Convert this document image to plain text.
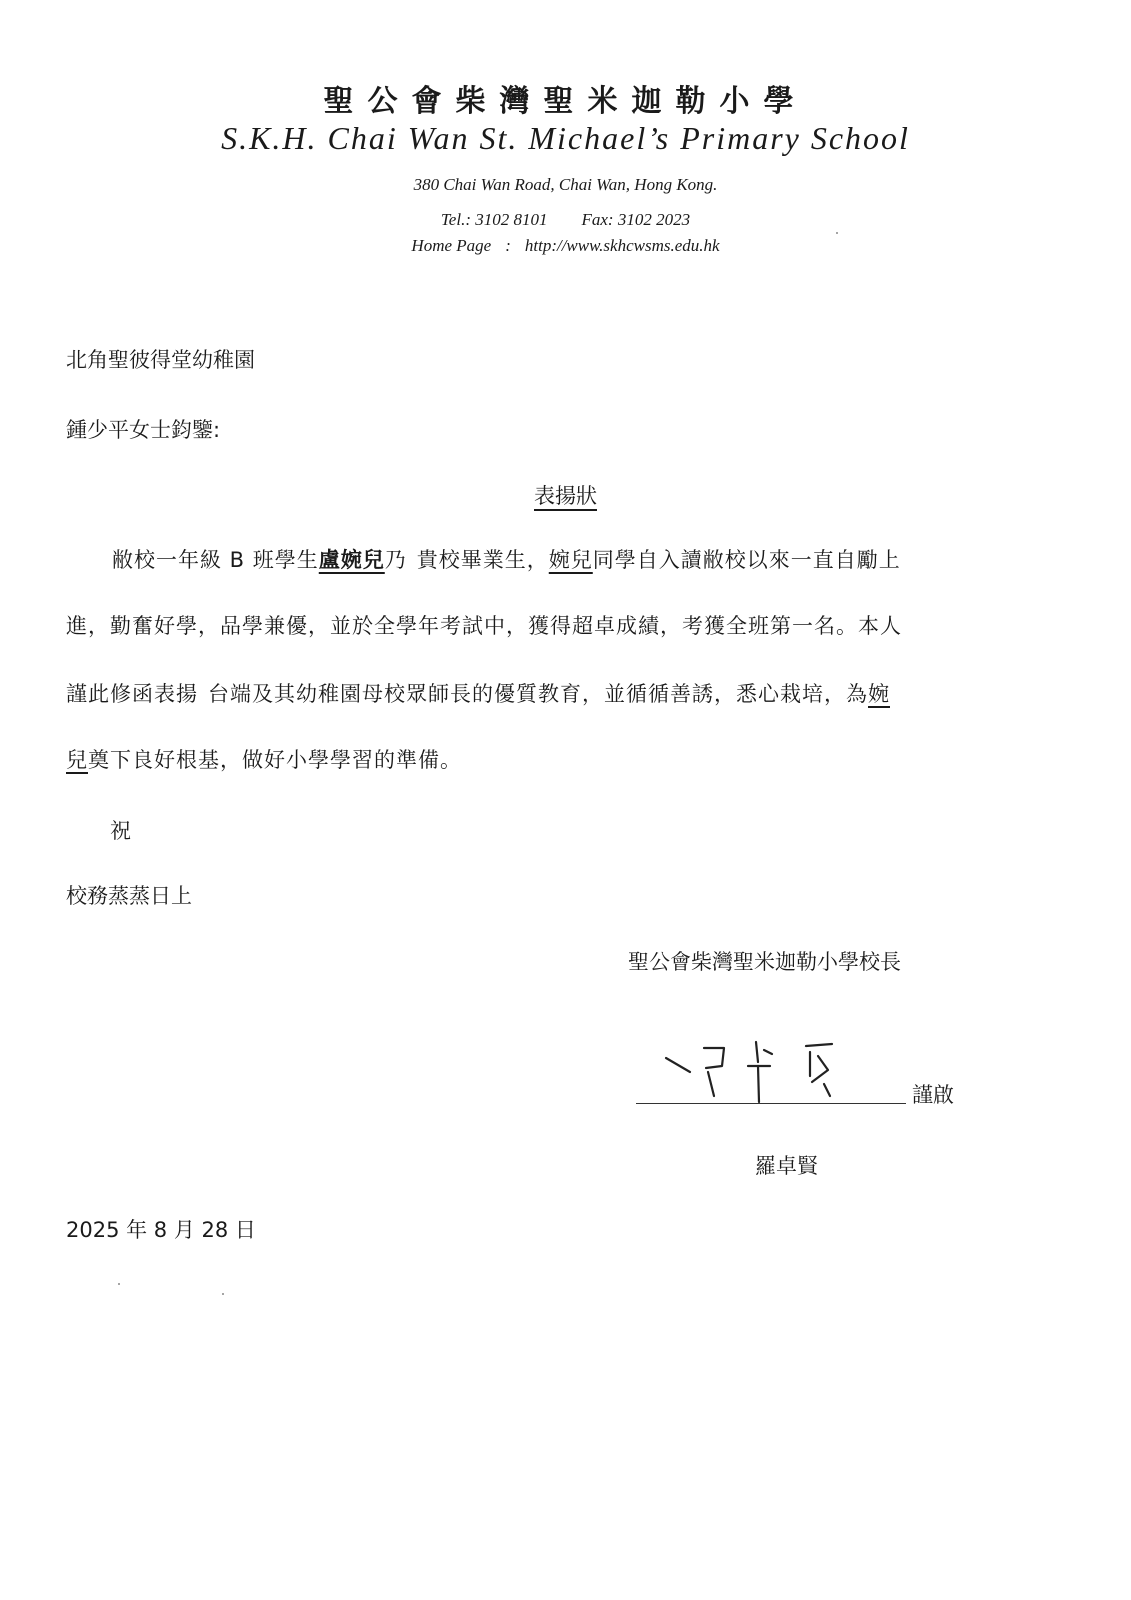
聖公會柴灣聖米迦勒小學
S.K.H. Chai Wan St. Michael’s Primary School
380 Chai Wan Road, Chai Wan, Hong Kong.
Tel.: 3102 8101 Fax: 3102 2023
Home Page : http://www.skhcwsms.edu.hk
北角聖彼得堂幼稚園
鍾少平女士鈞鑒:
表揚狀
敝校一年級 B 班學生盧婉兒乃 貴校畢業生，婉兒同學自入讀敝校以來一直自勵上
進，勤奮好學，品學兼優，並於全學年考試中，獲得超卓成績，考獲全班第一名。本人
謹此修函表揚 台端及其幼稚園母校眾師長的優質教育，並循循善誘，悉心栽培，為婉
兒奠下良好根基，做好小學學習的準備。
祝
校務蒸蒸日上
聖公會柴灣聖米迦勒小學校長
謹啟
羅卓賢
2025 年 8 月 28 日
